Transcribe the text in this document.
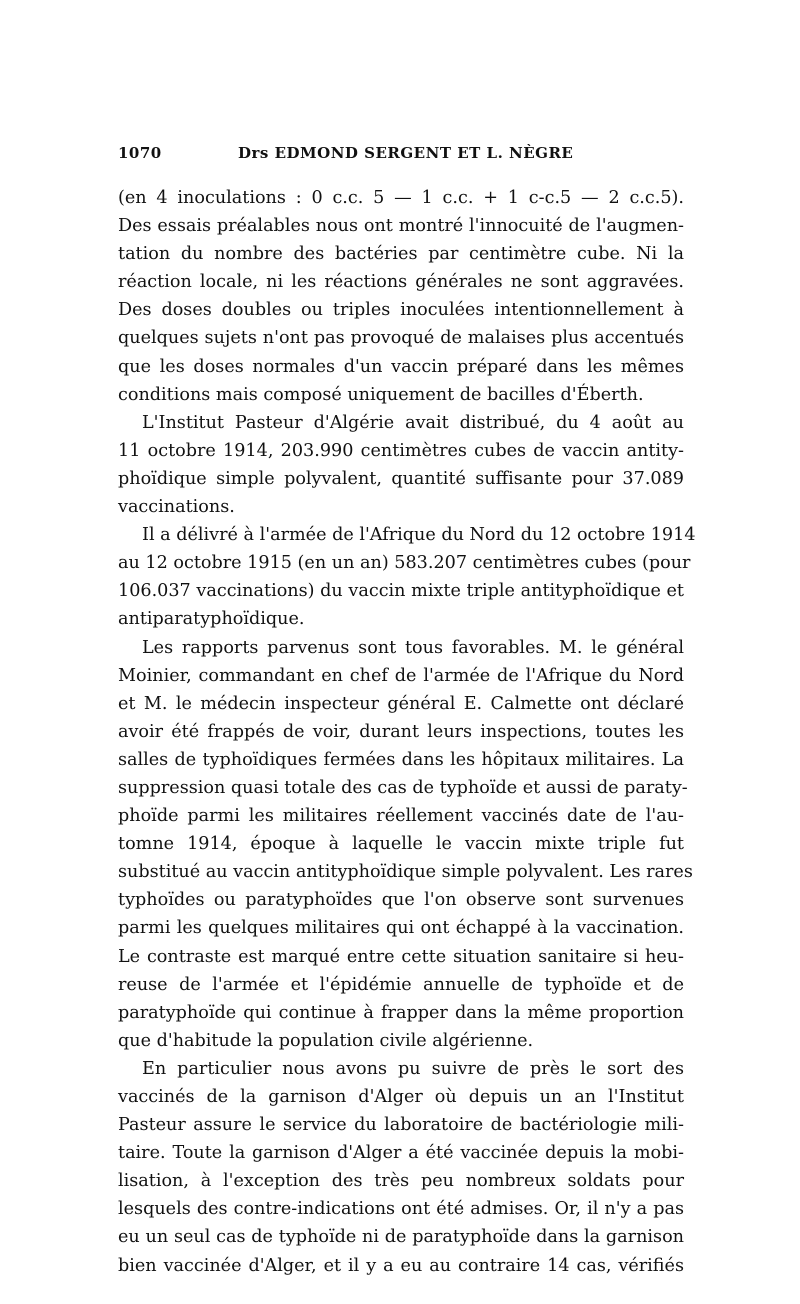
1070	Drs EDMOND SERGENT ET L. NÈGRE
(en 4 inoculations : 0 c.c. 5 — 1 c.c. + 1 c-c.5 — 2 c.c.5).
Des essais préalables nous ont montré l'innocuité de l'augmen-
tation du nombre des bactéries par centimètre cube. Ni la
réaction locale, ni les réactions générales ne sont aggravées.
Des doses doubles ou triples inoculées intentionnellement à
quelques sujets n'ont pas provoqué de malaises plus accentués
que les doses normales d'un vaccin préparé dans les mêmes
conditions mais composé uniquement de bacilles d'Éberth.
L'Institut Pasteur d'Algérie avait distribué, du 4 août au
11 octobre 1914, 203.990 centimètres cubes de vaccin antity-
phoïdique simple polyvalent, quantité suffisante pour 37.089
vaccinations.
Il a délivré à l'armée de l'Afrique du Nord du 12 octobre 1914
au 12 octobre 1915 (en un an) 583.207 centimètres cubes (pour
106.037 vaccinations) du vaccin mixte triple antityphoïdique et
antiparatyphoïdique.
Les rapports parvenus sont tous favorables. M. le général
Moinier, commandant en chef de l'armée de l'Afrique du Nord
et M. le médecin inspecteur général E. Calmette ont déclaré
avoir été frappés de voir, durant leurs inspections, toutes les
salles de typhoïdiques fermées dans les hôpitaux militaires. La
suppression quasi totale des cas de typhoïde et aussi de paraty-
phoïde parmi les militaires réellement vaccinés date de l'au-
tomne 1914, époque à laquelle le vaccin mixte triple fut
substitué au vaccin antityphoïdique simple polyvalent. Les rares
typhoïdes ou paratyphoïdes que l'on observe sont survenues
parmi les quelques militaires qui ont échappé à la vaccination.
Le contraste est marqué entre cette situation sanitaire si heu-
reuse de l'armée et l'épidémie annuelle de typhoïde et de
paratyphoïde qui continue à frapper dans la même proportion
que d'habitude la population civile algérienne.
En particulier nous avons pu suivre de près le sort des
vaccinés de la garnison d'Alger où depuis un an l'Institut
Pasteur assure le service du laboratoire de bactériologie mili-
taire. Toute la garnison d'Alger a été vaccinée depuis la mobi-
lisation, à l'exception des très peu nombreux soldats pour
lesquels des contre-indications ont été admises. Or, il n'y a pas
eu un seul cas de typhoïde ni de paratyphoïde dans la garnison
bien vaccinée d'Alger, et il y a eu au contraire 14 cas, vérifiés
